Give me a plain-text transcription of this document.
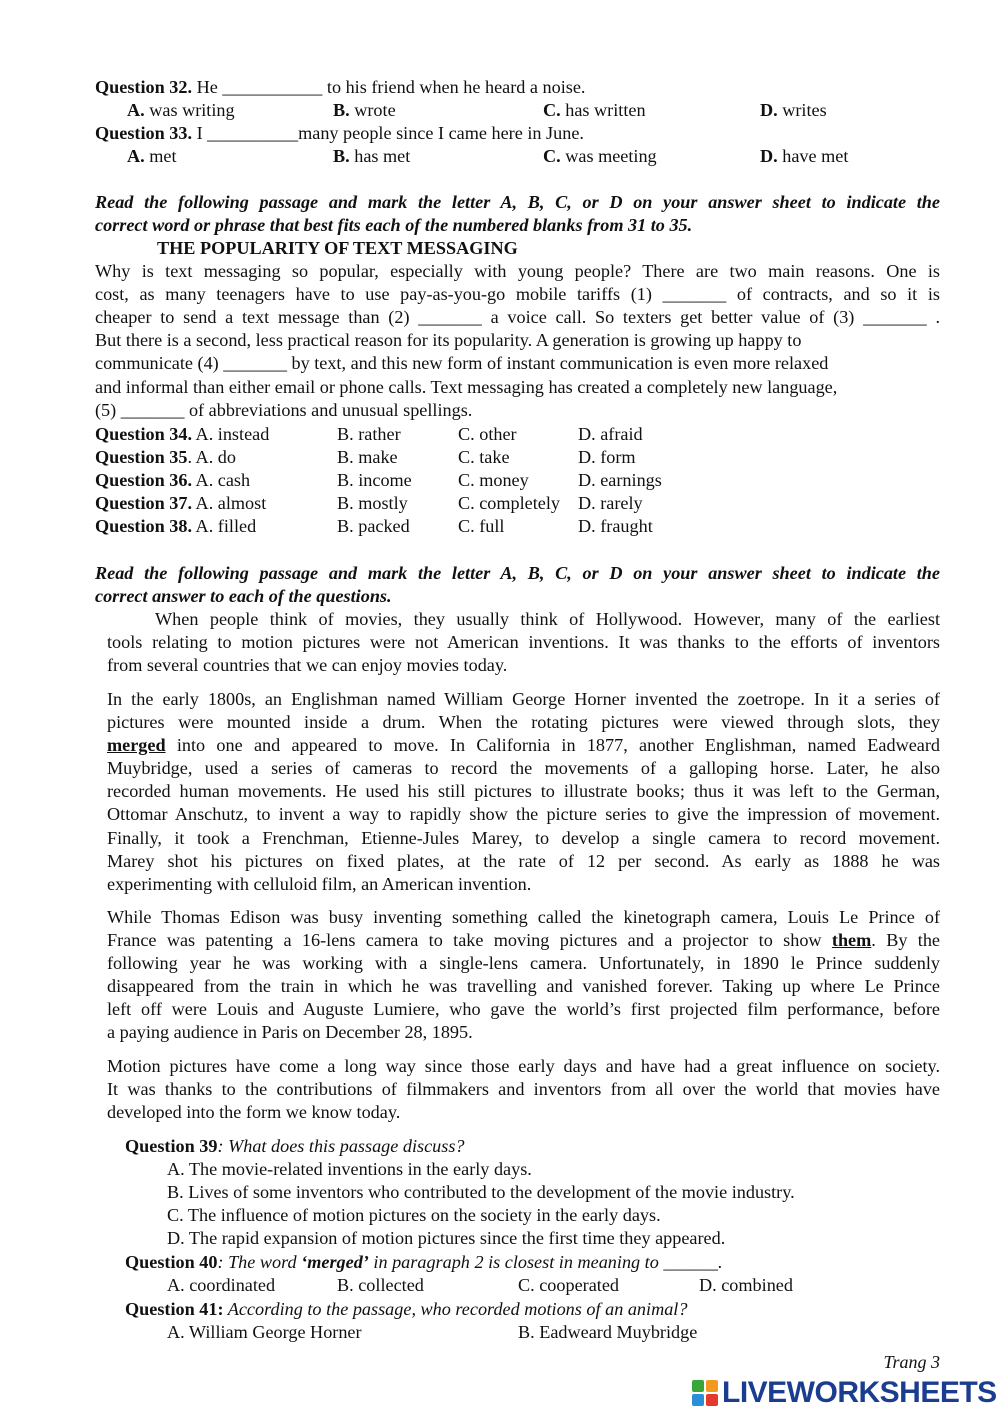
Question 32. He ___________ to his friend when he heard a noise.
A. was writing	B. wrote	C. has written	D. writes
Question 33. I __________many people since I came here in June.
A. met	B. has met	C. was meeting	D. have met
Read the following passage and mark the letter A, B, C, or D on your answer sheet to indicate the
correct word or phrase that best fits each of the numbered blanks from 31 to 35.
THE POPULARITY OF TEXT MESSAGING
Why is text messaging so popular, especially with young people? There are two main reasons. One is
cost, as many teenagers have to use pay-as-you-go mobile tariffs (1) _______ of contracts, and so it is
cheaper to send a text message than (2) _______ a voice call. So texters get better value of (3) _______ .
But there is a second, less practical reason for its popularity. A generation is growing up happy to
communicate (4) _______ by text, and this new form of instant communication is even more relaxed
and informal than either email or phone calls. Text messaging has created a completely new language,
(5) _______ of abbreviations and unusual spellings.
Question 34. A. instead	B. rather	C. other	D. afraid
Question 35. A. do	B. make	C. take	D. form
Question 36. A. cash	B. income	C. money	D. earnings
Question 37. A. almost	B. mostly	C. completely D. rarely
Question 38. A. filled	B. packed	C. full	D. fraught
Read the following passage and mark the letter A, B, C, or D on your answer sheet to indicate the
correct answer to each of the questions.
When people think of movies, they usually think of Hollywood. However, many of the earliest
tools relating to motion pictures were not American inventions. It was thanks to the efforts of inventors
from several countries that we can enjoy movies today.
In the early 1800s, an Englishman named William George Horner invented the zoetrope. In it a series of
pictures were mounted inside a drum. When the rotating pictures were viewed through slots, they
merged into one and appeared to move. In California in 1877, another Englishman, named Eadweard
Muybridge, used a series of cameras to record the movements of a galloping horse. Later, he also
recorded human movements. He used his still pictures to illustrate books; thus it was left to the German,
Ottomar Anschutz, to invent a way to rapidly show the picture series to give the impression of movement.
Finally, it took a Frenchman, Etienne-Jules Marey, to develop a single camera to record movement.
Marey shot his pictures on fixed plates, at the rate of 12 per second. As early as 1888 he was
experimenting with celluloid film, an American invention.
While Thomas Edison was busy inventing something called the kinetograph camera, Louis Le Prince of
France was patenting a 16-lens camera to take moving pictures and a projector to show them. By the
following year he was working with a single-lens camera. Unfortunately, in 1890 le Prince suddenly
disappeared from the train in which he was travelling and vanished forever. Taking up where Le Prince
left off were Louis and Auguste Lumiere, who gave the world’s first projected film performance, before
a paying audience in Paris on December 28, 1895.
Motion pictures have come a long way since those early days and have had a great influence on society.
It was thanks to the contributions of filmmakers and inventors from all over the world that movies have
developed into the form we know today.
Question 39: What does this passage discuss?
A. The movie-related inventions in the early days.
B. Lives of some inventors who contributed to the development of the movie industry.
C. The influence of motion pictures on the society in the early days.
D. The rapid expansion of motion pictures since the first time they appeared.
Question 40: The word ‘merged’ in paragraph 2 is closest in meaning to ______.
A. coordinated	B. collected	C. cooperated	D. combined
Question 41: According to the passage, who recorded motions of an animal?
A. William George Horner	B. Eadweard Muybridge
Trang 3
LIVEWORKSHEETS
